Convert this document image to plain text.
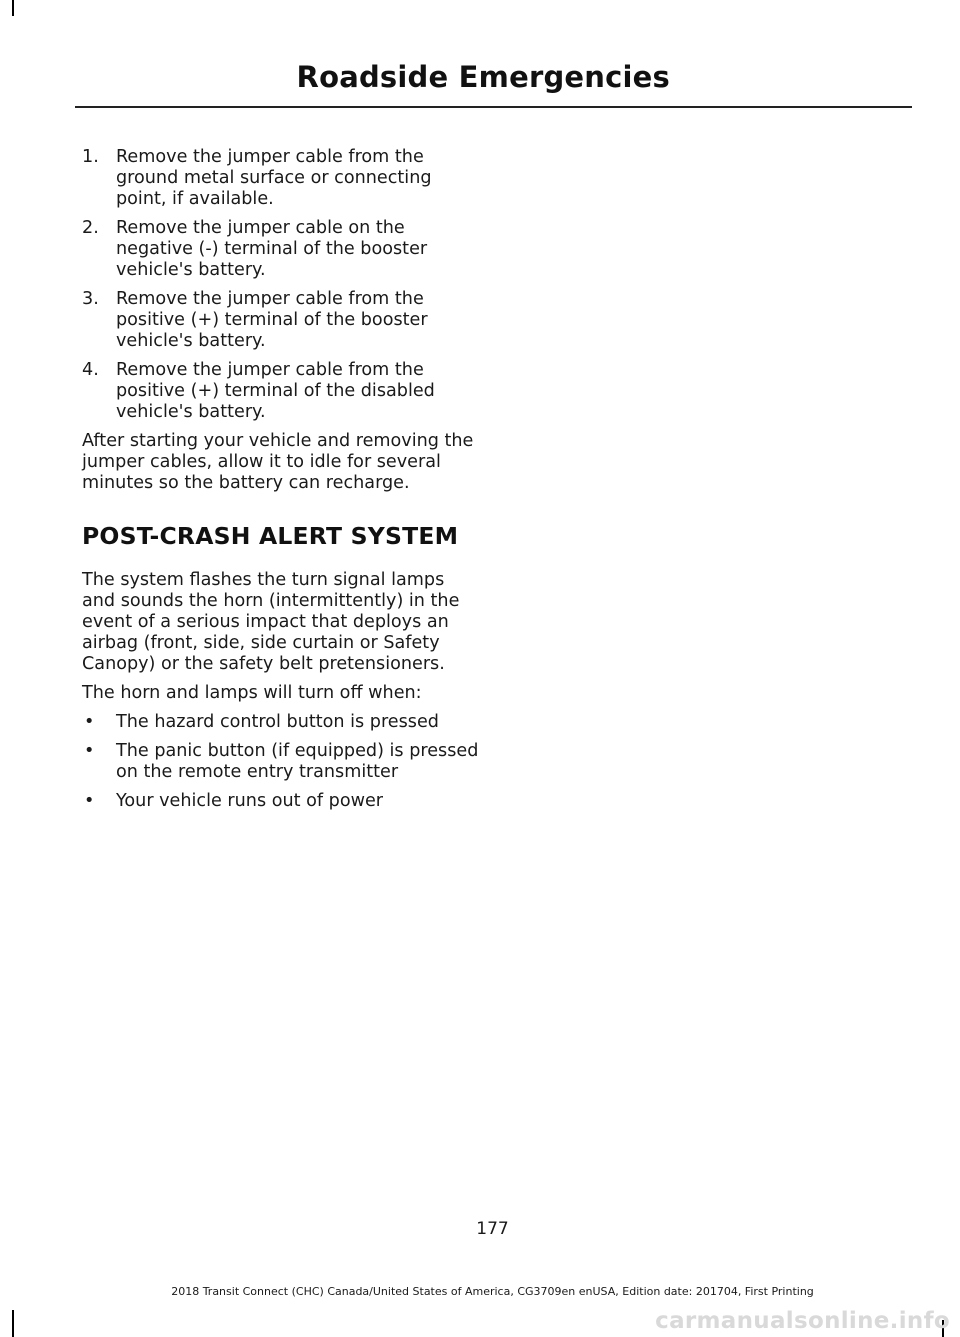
Roadside Emergencies
1. Remove the jumper cable from the ground metal surface or connecting point, if available.
2. Remove the jumper cable on the negative (-) terminal of the booster vehicle's battery.
3. Remove the jumper cable from the positive (+) terminal of the booster vehicle's battery.
4. Remove the jumper cable from the positive (+) terminal of the disabled vehicle's battery.

After starting your vehicle and removing the jumper cables, allow it to idle for several minutes so the battery can recharge.

POST-CRASH ALERT SYSTEM

The system flashes the turn signal lamps and sounds the horn (intermittently) in the event of a serious impact that deploys an airbag (front, side, side curtain or Safety Canopy) or the safety belt pretensioners.

The horn and lamps will turn off when:

• The hazard control button is pressed
• The panic button (if equipped) is pressed on the remote entry transmitter
• Your vehicle runs out of power
177
2018 Transit Connect (CHC) Canada/United States of America, CG3709en enUSA, Edition date: 201704, First Printing
carmanualsonline.info
